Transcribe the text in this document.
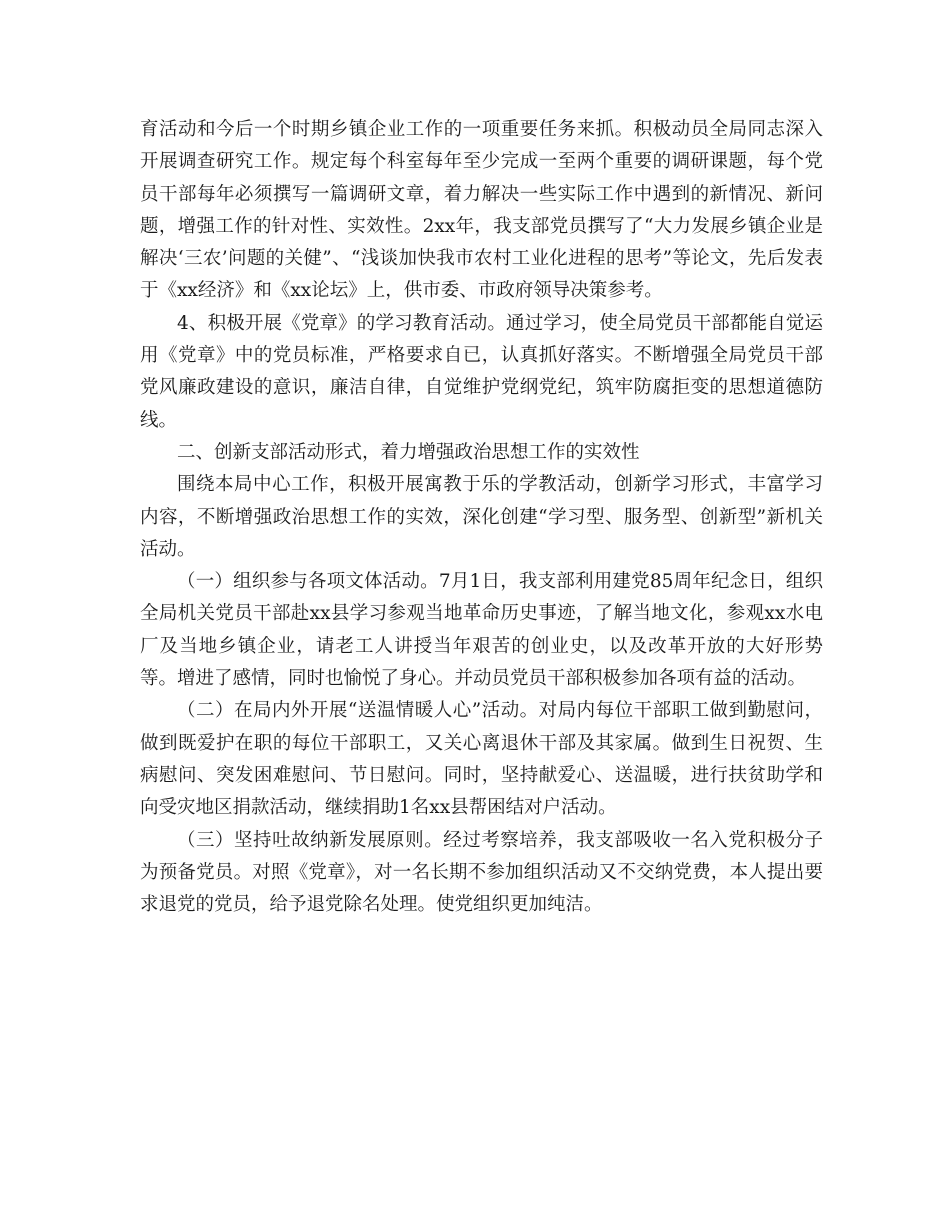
育活动和今后一个时期乡镇企业工作的一项重要任务来抓。积极动员全局同志深入开展调查研究工作。规定每个科室每年至少完成一至两个重要的调研课题，每个党员干部每年必须撰写一篇调研文章，着力解决一些实际工作中遇到的新情况、新问题，增强工作的针对性、实效性。2xx年，我支部党员撰写了“大力发展乡镇企业是解决‘三农’问题的关健”、“浅谈加快我市农村工业化进程的思考”等论文，先后发表于《xx经济》和《xx论坛》上，供市委、市政府领导决策参考。

4、积极开展《党章》的学习教育活动。通过学习，使全局党员干部都能自觉运用《党章》中的党员标准，严格要求自已，认真抓好落实。不断增强全局党员干部党风廉政建设的意识，廉洁自律，自觉维护党纲党纪，筑牢防腐拒变的思想道德防线。

二、创新支部活动形式，着力增强政治思想工作的实效性

围绕本局中心工作，积极开展寓教于乐的学教活动，创新学习形式，丰富学习内容，不断增强政治思想工作的实效，深化创建“学习型、服务型、创新型”新机关活动。

（一）组织参与各项文体活动。7月1日，我支部利用建党85周年纪念日，组织全局机关党员干部赴xx县学习参观当地革命历史事迹，了解当地文化，参观xx水电厂及当地乡镇企业，请老工人讲授当年艰苦的创业史，以及改革开放的大好形势等。增进了感情，同时也愉悦了身心。并动员党员干部积极参加各项有益的活动。

（二）在局内外开展“送温情暖人心”活动。对局内每位干部职工做到勤慰问，做到既爱护在职的每位干部职工，又关心离退休干部及其家属。做到生日祝贺、生病慰问、突发困难慰问、节日慰问。同时，坚持献爱心、送温暖，进行扶贫助学和向受灾地区捐款活动，继续捐助1名xx县帮困结对户活动。

（三）坚持吐故纳新发展原则。经过考察培养，我支部吸收一名入党积极分子为预备党员。对照《党章》，对一名长期不参加组织活动又不交纳党费，本人提出要求退党的党员，给予退党除名处理。使党组织更加纯洁。
